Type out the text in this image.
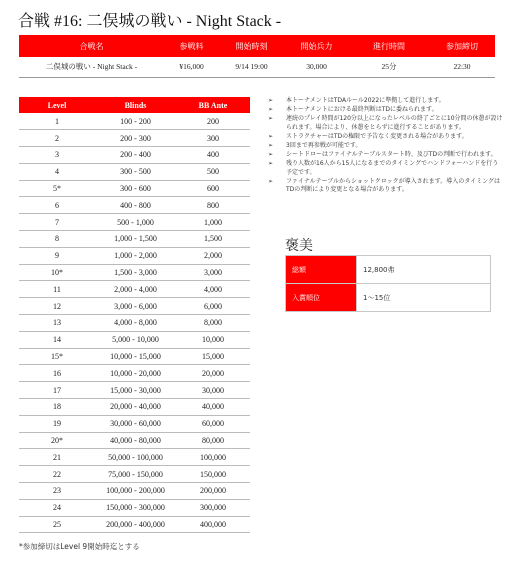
合戦 #16: 二俣城の戦い - Night Stack -
合戦名	参戦料	開始時刻	開始兵力	進行時間	参加締切
二俣城の戦い - Night Stack -	¥16,000	9/14 19:00	30,000	25分	22:30
Level	Blinds	BB Ante
1	100 - 200	200
2	200 - 300	300
3	200 - 400	400
4	300 - 500	500
5*	300 - 600	600
6	400 - 800	800
7	500 - 1,000	1,000
8	1,000 - 1,500	1,500
9	1,000 - 2,000	2,000
10*	1,500 - 3,000	3,000
11	2,000 - 4,000	4,000
12	3,000 - 6,000	6,000
13	4,000 - 8,000	8,000
14	5,000 - 10,000	10,000
15*	10,000 - 15,000	15,000
16	10,000 - 20,000	20,000
17	15,000 - 30,000	30,000
18	20,000 - 40,000	40,000
19	30,000 - 60,000	60,000
20*	40,000 - 80,000	80,000
21	50,000 - 100,000	100,000
22	75,000 - 150,000	150,000
23	100,000 - 200,000	200,000
24	150,000 - 300,000	300,000
25	200,000 - 400,000	400,000
*参加締切はLevel 9開始時迄とする
➢ 本トーナメントはTDAルール2022に準拠して進行します。
➢ 本トーナメントにおける最終判断はTDに委ねられます。
➢ 連続のプレイ時間が120分以上になったレベルの終了ごとに10分間の休憩が設けられます。場合により、休憩をとらずに進行することがあります。
➢ ストラクチャーはTDの権限で予告なく変更される場合があります。
➢ 3回まで再参戦が可能です。
➢ シートドローはファイナルテーブルスタート時、及びTDの判断で行われます。
➢ 残り人数が16人から15人になるまでのタイミングでハンドフォーハンドを行う予定です。
➢ ファイナルテーブルからショットクロックが導入されます。導入のタイミングはTDの判断により変更となる場合があります。
褒美
総額	12,800弗
入賞順位	1～15位
